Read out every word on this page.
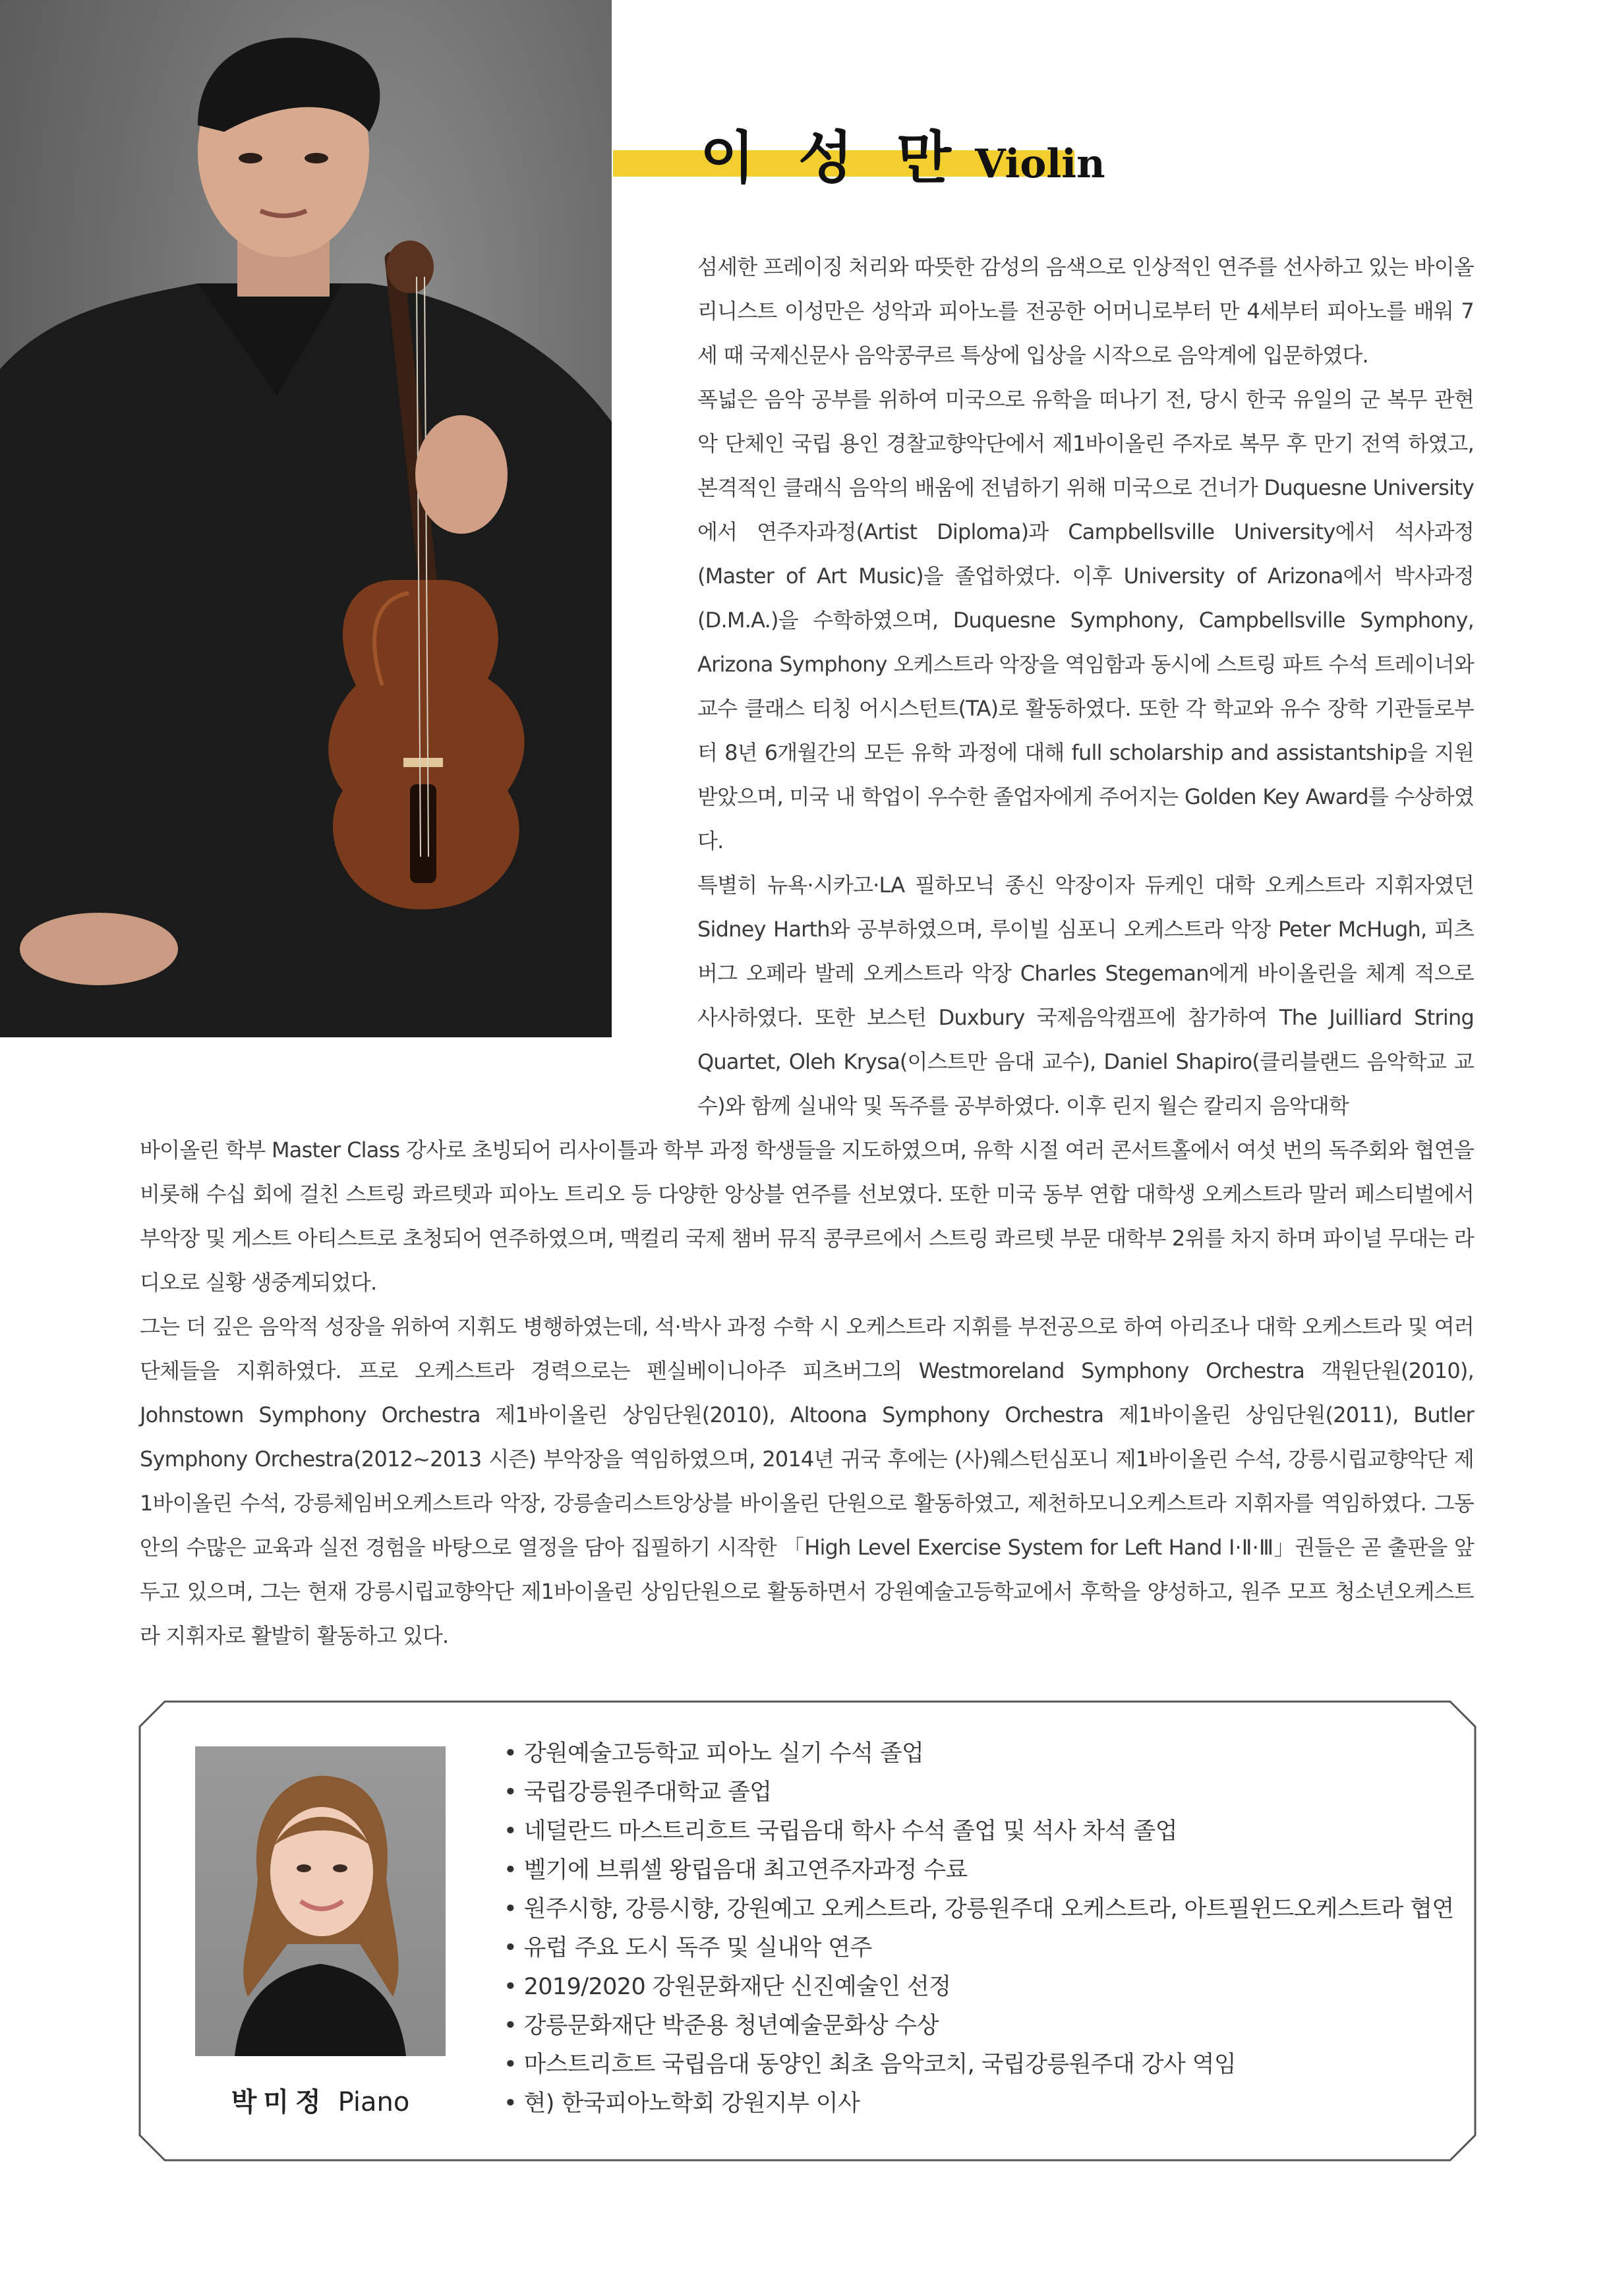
이 성 만 Violin

섬세한 프레이징 처리와 따뜻한 감성의 음색으로 인상적인 연주를 선사하고 있는 바이올리니스트 이성만은 성악과 피아노를 전공한 어머니로부터 만 4세부터 피아노를 배워 7세 때 국제신문사 음악콩쿠르 특상에 입상을 시작으로 음악계에 입문하였다.

폭넓은 음악 공부를 위하여 미국으로 유학을 떠나기 전, 당시 한국 유일의 군 복무 관현악 단체인 국립 용인 경찰교향악단에서 제1바이올린 주자로 복무 후 만기 전역 하였고, 본격적인 클래식 음악의 배움에 전념하기 위해 미국으로 건너가 Duquesne University에서 연주자과정(Artist Diploma)과 Campbellsville University에서 석사과정(Master of Art Music)을 졸업하였다. 이후 University of Arizona에서 박사과정(D.M.A.)을 수학하였으며, Duquesne Symphony, Campbellsville Symphony, Arizona Symphony 오케스트라 악장을 역임함과 동시에 스트링 파트 수석 트레이너와 교수 클래스 티칭 어시스턴트(TA)로 활동하였다. 또한 각 학교와 유수 장학 기관들로부터 8년 6개월간의 모든 유학 과정에 대해 full scholarship and assistantship을 지원받았으며, 미국 내 학업이 우수한 졸업자에게 주어지는 Golden Key Award를 수상하였다.

특별히 뉴욕·시카고·LA 필하모닉 종신 악장이자 듀케인 대학 오케스트라 지휘자였던 Sidney Harth와 공부하였으며, 루이빌 심포니 오케스트라 악장 Peter McHugh, 피츠버그 오페라 발레 오케스트라 악장 Charles Stegeman에게 바이올린을 체계 적으로 사사하였다. 또한 보스턴 Duxbury 국제음악캠프에 참가하여 The Juilliard String Quartet, Oleh Krysa(이스트만 음대 교수), Daniel Shapiro(클리블랜드 음악학교 교수)와 함께 실내악 및 독주를 공부하였다. 이후 린지 월슨 칼리지 음악대학

바이올린 학부 Master Class 강사로 초빙되어 리사이틀과 학부 과정 학생들을 지도하였으며, 유학 시절 여러 콘서트홀에서 여섯 번의 독주회와 협연을 비롯해 수십 회에 걸친 스트링 콰르텟과 피아노 트리오 등 다양한 앙상블 연주를 선보였다. 또한 미국 동부 연합 대학생 오케스트라 말러 페스티벌에서 부악장 및 게스트 아티스트로 초청되어 연주하였으며, 맥컬리 국제 챔버 뮤직 콩쿠르에서 스트링 콰르텟 부문 대학부 2위를 차지 하며 파이널 무대는 라디오로 실황 생중계되었다.

그는 더 깊은 음악적 성장을 위하여 지휘도 병행하였는데, 석·박사 과정 수학 시 오케스트라 지휘를 부전공으로 하여 아리조나 대학 오케스트라 및 여러 단체들을 지휘하였다. 프로 오케스트라 경력으로는 펜실베이니아주 피츠버그의 Westmoreland Symphony Orchestra 객원단원(2010), Johnstown Symphony Orchestra 제1바이올린 상임단원(2010), Altoona Symphony Orchestra 제1바이올린 상임단원(2011), Butler Symphony Orchestra(2012~2013 시즌) 부악장을 역임하였으며, 2014년 귀국 후에는 (사)웨스턴심포니 제1바이올린 수석, 강릉시립교향악단 제1바이올린 수석, 강릉체임버오케스트라 악장, 강릉솔리스트앙상블 바이올린 단원으로 활동하였고, 제천하모니오케스트라 지휘자를 역임하였다. 그동안의 수많은 교육과 실전 경험을 바탕으로 열정을 담아 집필하기 시작한 「High Level Exercise System for Left Hand Ⅰ·Ⅱ·Ⅲ」권들은 곧 출판을 앞두고 있으며, 그는 현재 강릉시립교향악단 제1바이올린 상임단원으로 활동하면서 강원예술고등학교에서 후학을 양성하고, 원주 모프 청소년오케스트라 지휘자로 활발히 활동하고 있다.

박미정 Piano
• 강원예술고등학교 피아노 실기 수석 졸업
• 국립강릉원주대학교 졸업
• 네덜란드 마스트리흐트 국립음대 학사 수석 졸업 및 석사 차석 졸업
• 벨기에 브뤼셀 왕립음대 최고연주자과정 수료
• 원주시향, 강릉시향, 강원예고 오케스트라, 강릉원주대 오케스트라, 아트필윈드오케스트라 협연
• 유럽 주요 도시 독주 및 실내악 연주
• 2019/2020 강원문화재단 신진예술인 선정
• 강릉문화재단 박준용 청년예술문화상 수상
• 마스트리흐트 국립음대 동양인 최초 음악코치, 국립강릉원주대 강사 역임
• 현) 한국피아노학회 강원지부 이사
